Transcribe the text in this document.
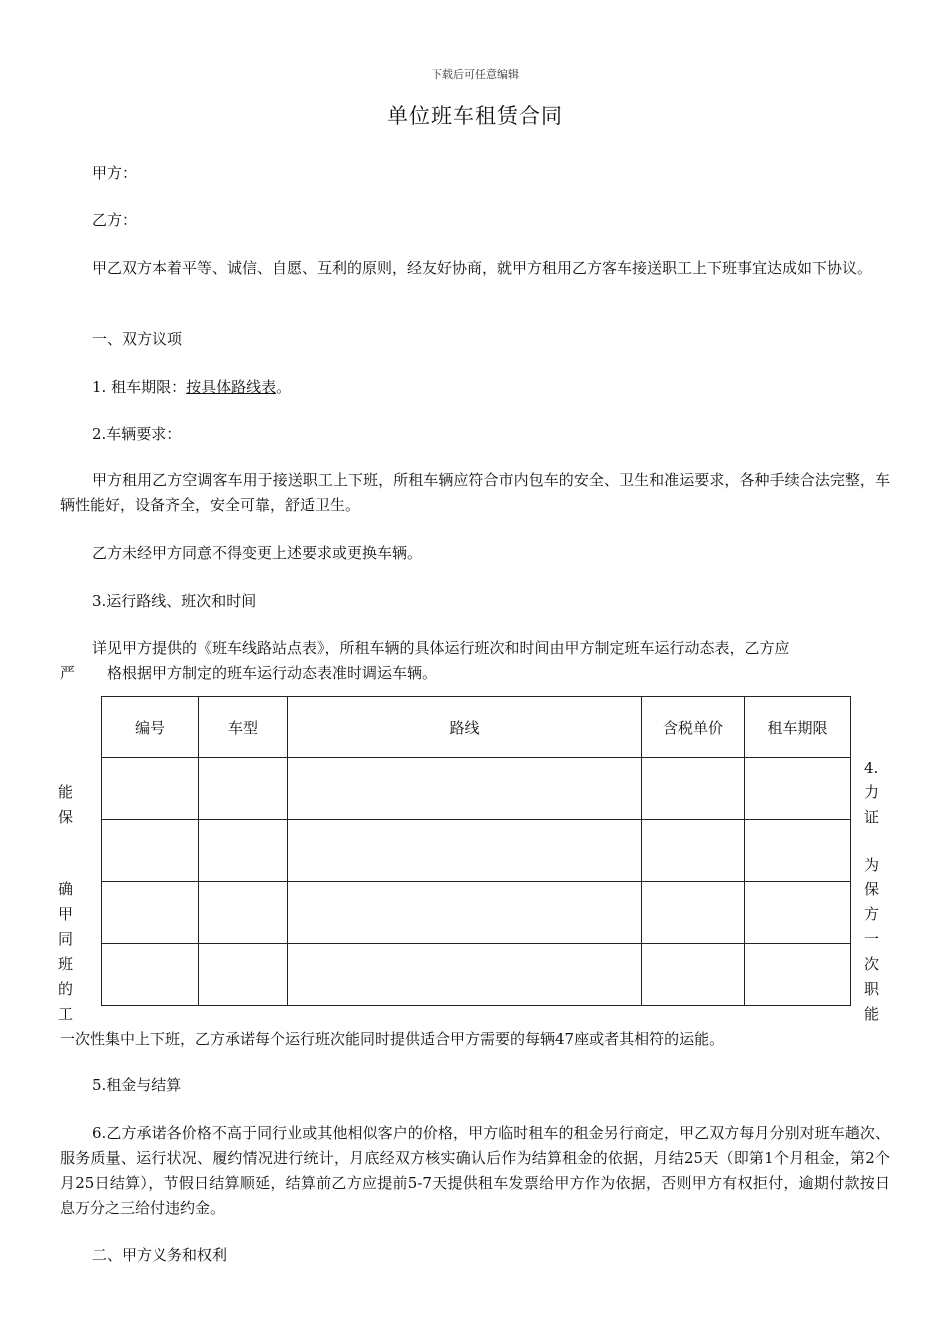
下载后可任意编辑
单位班车租赁合同
甲方：
乙方：
甲乙双方本着平等、诚信、自愿、互利的原则，经友好协商，就甲方租用乙方客车接送职工上下班事宜达成如下协议。
一、双方议项
1. 租车期限：按具体路线表。
2.车辆要求：
甲方租用乙方空调客车用于接送职工上下班，所租车辆应符合市内包车的安全、卫生和准运要求，各种手续合法完整，车辆性能好，设备齐全，安全可靠，舒适卫生。
乙方未经甲方同意不得变更上述要求或更换车辆。
3.运行路线、班次和时间
详见甲方提供的《班车线路站点表》，所租车辆的具体运行班次和时间由甲方制定班车运行动态表，乙方应
严 格根据甲方制定的班车运行动态表准时调运车辆。
编号	车型	路线	含税单价	租车期限

能
保
确
甲
同
班
的
工
4.
力
证
为
保
方
一
次
职
能
一次性集中上下班，乙方承诺每个运行班次能同时提供适合甲方需要的每辆47座或者其相符的运能。
5.租金与结算
6.乙方承诺各价格不高于同行业或其他相似客户的价格，甲方临时租车的租金另行商定，甲乙双方每月分别对班车趟次、服务质量、运行状况、履约情况进行统计，月底经双方核实确认后作为结算租金的依据，月结25天（即第1个月租金，第2个月25日结算），节假日结算顺延，结算前乙方应提前5-7天提供租车发票给甲方作为依据，否则甲方有权拒付，逾期付款按日息万分之三给付违约金。
二、甲方义务和权利
